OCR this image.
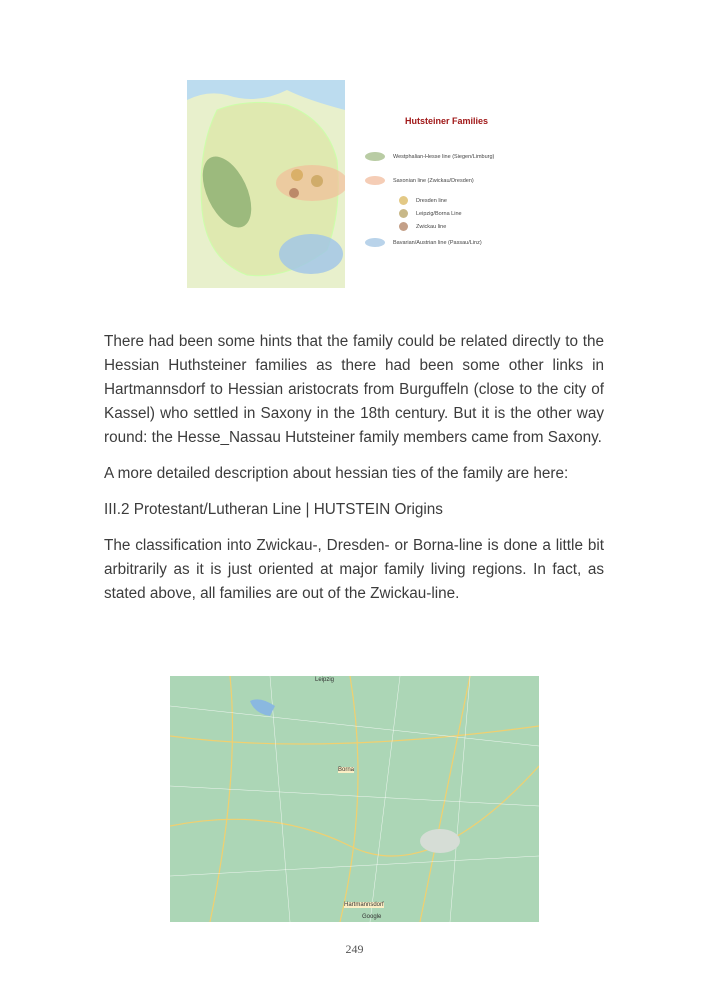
Hutsteiner Families
Westphalian-Hesse line (Siegen/Limburg)
Saxonian line (Zwickau/Dresden)
Dresden line
Leipzig/Borna Line
Zwickau line
Bavarian/Austrian line (Passau/Linz)

There had been some hints that the family could be related directly to the Hessian Huthsteiner families as there had been some other links in Hartmannsdorf to Hessian aristocrats from Burguffeln (close to the city of Kassel) who settled in Saxony in the 18th century. But it is the other way round: the Hesse_Nassau Hutsteiner family members came from Saxony.

A more detailed description about hessian ties of the family are here:

III.2 Protestant/Lutheran Line | HUTSTEIN Origins

The classification into Zwickau-, Dresden- or Borna-line is done a little bit arbitrarily as it is just oriented at major family living regions. In fact, as stated above, all families are out of the Zwickau-line.

Leipzig
Borna
Hartmannsdorf
Google
249
